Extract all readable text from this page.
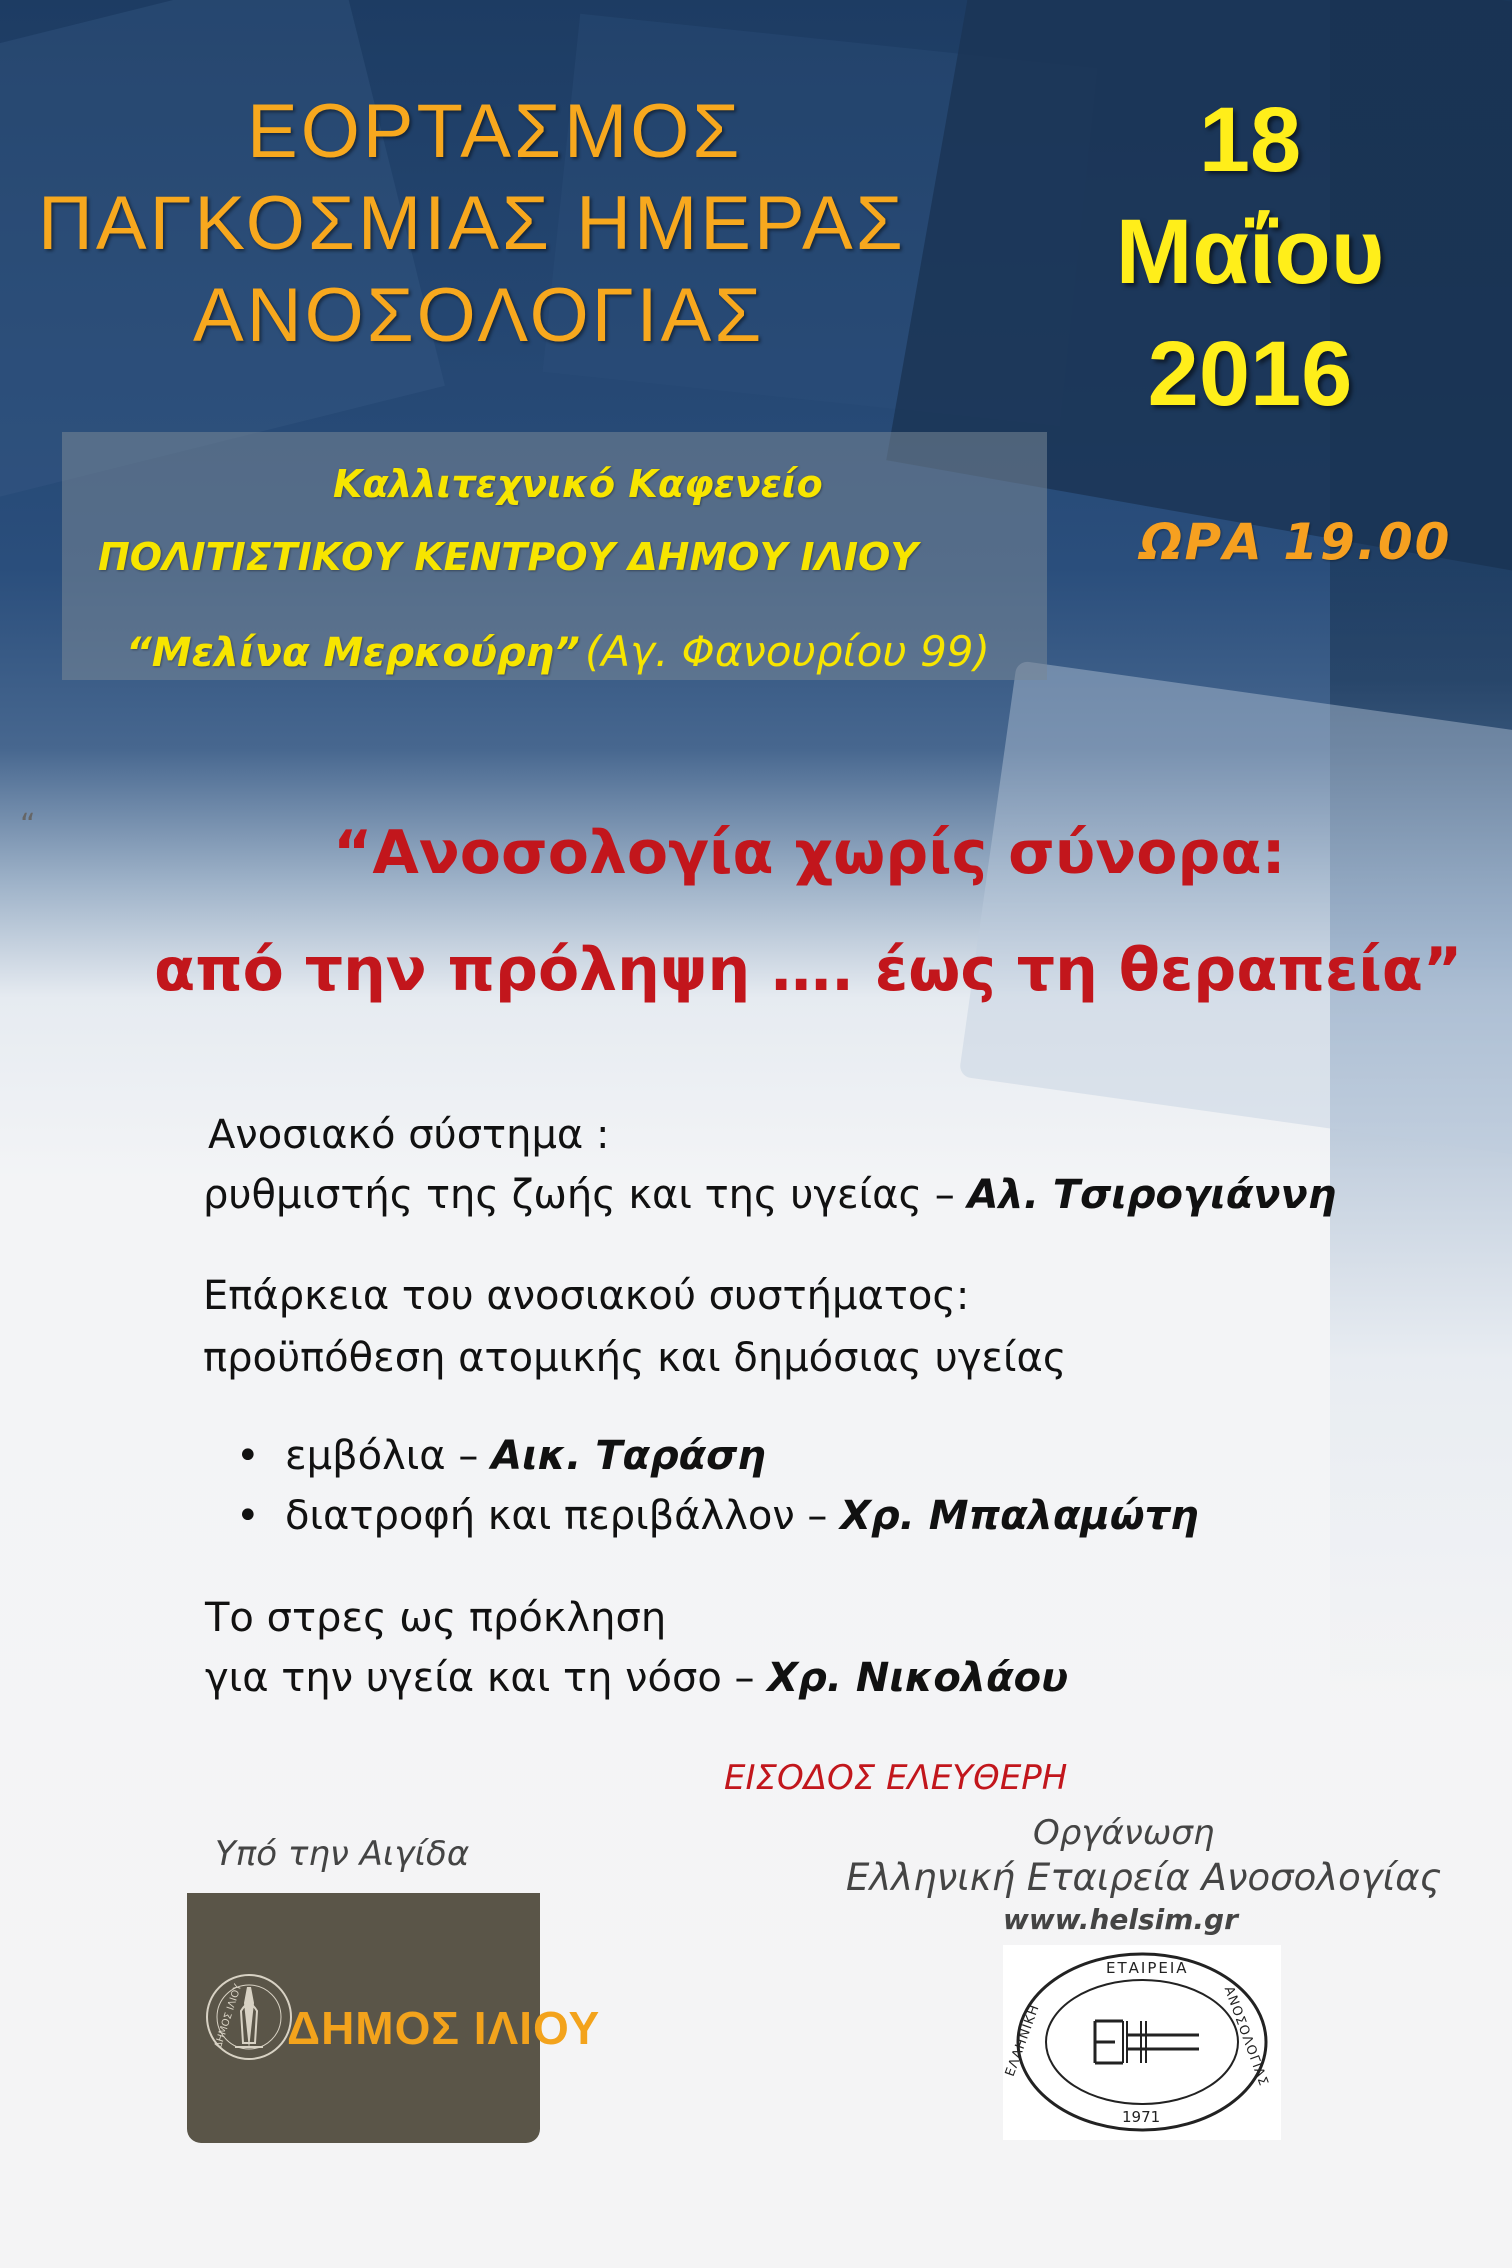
ΕΟΡΤΑΣΜΟΣ
ΠΑΓΚΟΣΜΙΑΣ ΗΜΕΡΑΣ
ΑΝΟΣΟΛΟΓΙΑΣ
18
Μαΐου
2016
ΩΡΑ 19.00
Καλλιτεχνικό Καφενείο
ΠΟΛΙΤΙΣΤΙΚΟΥ ΚΕΝΤΡΟΥ ΔΗΜΟΥ ΙΛΙΟΥ
“Μελίνα Μερκούρη” (Αγ. Φανουρίου 99)
“	“Ανοσολογία χωρίς σύνορα:
από την πρόληψη …. έως τη θεραπεία”
Ανοσιακό σύστημα :
ρυθμιστής της ζωής και της υγείας – Αλ. Τσιρογιάννη
Επάρκεια του ανοσιακού συστήματος:
προϋπόθεση ατομικής και δημόσιας υγείας
• εμβόλια – Αικ. Ταράση
• διατροφή και περιβάλλον – Χρ. Μπαλαμώτη
Το στρες ως πρόκληση
για την υγεία και τη νόσο – Χρ. Νικολάου
ΕΙΣΟΔΟΣ ΕΛΕΥΘΕΡΗ
Υπό την Αιγίδα
Οργάνωση
Ελληνική Εταιρεία Ανοσολογίας
www.helsim.gr
ΔΗΜΟΣ ΙΛΙΟΥ ΔΗΜΟΣ ΙΛΙΟΥ
ΕΤΑΙΡΕΙΑ
ΕΛΛΗΝΙΚΗ	ΑΝΟΣΟΛΟΓΙΑΣ
1971
